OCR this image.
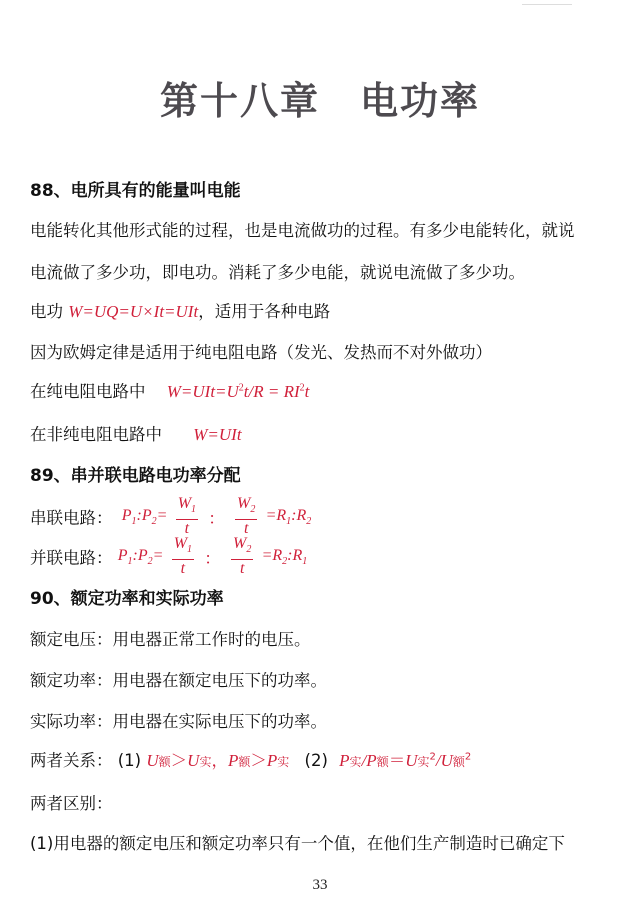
第十八章　电功率
88、电所具有的能量叫电能
电能转化其他形式能的过程，也是电流做功的过程。有多少电能转化，就说
电流做了多少功，即电功。消耗了多少电能，就说电流做了多少功。
电功 W=UQ=U×It=UIt，适用于各种电路
因为欧姆定律是适用于纯电阻电路（发光、发热而不对外做功）
在纯电阻电路中 $W=UIt=U^2t/R = RI^2t$
在非纯电阻电路中 W=UIt
89、串并联电路电功率分配
串联电路： $P_1:P_2= \frac{W_1}{t}$ ： $\frac{W_2}{t}$ $=R_1:R_2$
并联电路： $P_1:P_2= \frac{W_1}{t}$ ： $\frac{W_2}{t}$ $=R_2:R_1$
90、额定功率和实际功率
额定电压：用电器正常工作时的电压。
额定功率：用电器在额定电压下的功率。
实际功率：用电器在实际电压下的功率。
两者关系： (1) U额＞U实，P额＞P实 (2) P实/P额＝U实$^2$/U额$^2$
两者区别：
(1)用电器的额定电压和额定功率只有一个值，在他们生产制造时已确定下
33
